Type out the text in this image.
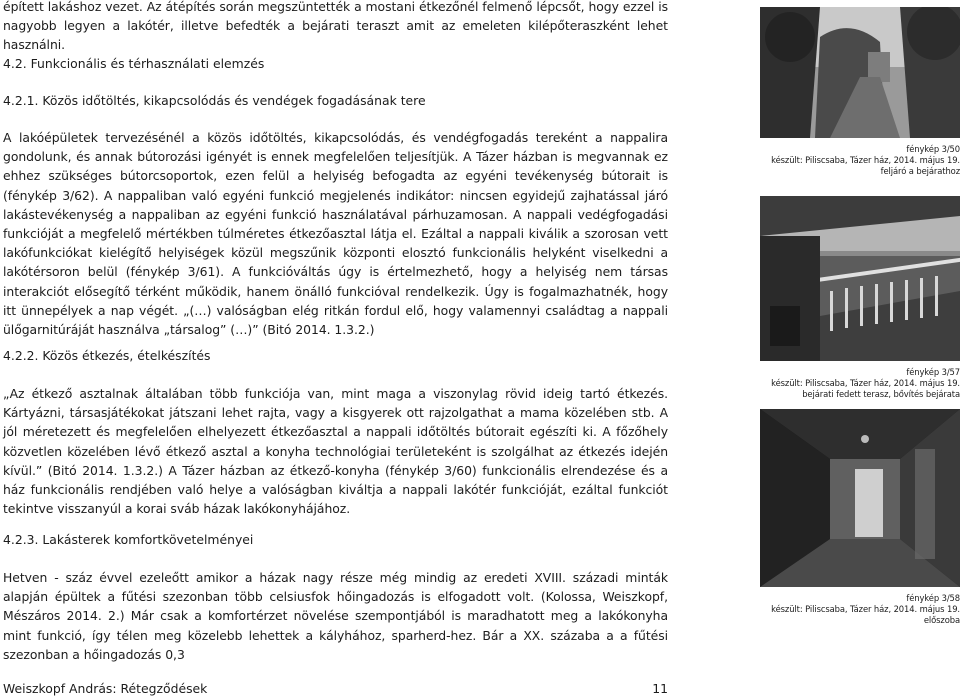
épített lakáshoz vezet. Az átépítés során megszüntették a mostani étkezőnél felmenő lépcsőt, hogy ezzel is nagyobb legyen a lakótér, illetve befedték a bejárati teraszt amit az emeleten kilépőteraszként lehet használni.

4.2. Funkcionális és térhasználati elemzés

4.2.1. Közös időtöltés, kikapcsolódás és vendégek fogadásának tere

A lakóépületek tervezésénél a közös időtöltés, kikapcsolódás, és vendégfogadás tereként a nappalira gondolunk, és annak bútorozási igényét is ennek megfelelően teljesítjük. A Tázer házban is megvannak ez ehhez szükséges bútorcsoportok, ezen felül a helyiség befogadta az egyéni tevékenység bútorait is (fénykép 3/62). A nappaliban való egyéni funkció megjelenés indikátor: nincsen egyidejű zajhatással járó lakástevékenység a nappaliban az egyéni funkció használatával párhuzamosan. A nappali vedégfogadási funkcióját a megfelelő mértékben túlméretes étkezőasztal látja el. Ezáltal a nappali kiválik a szorosan vett lakófunkciókat kielégítő helyiségek közül megszűnik központi elosztó funkcionális helyként viselkedni a lakótérsoron belül (fénykép 3/61). A funkcióváltás úgy is értelmezhető, hogy a helyiség nem társas interakciót elősegítő térként működik, hanem önálló funkcióval rendelkezik. Úgy is fogalmazhatnék, hogy itt ünnepélyek a nap végét. „(…) valóságban elég ritkán fordul elő, hogy valamennyi családtag a nappali ülőgarnitúráját használva „társalog” (…)” (Bitó 2014. 1.3.2.)

4.2.2. Közös étkezés, ételkészítés

„Az étkező asztalnak általában több funkciója van, mint maga a viszonylag rövid ideig tartó étkezés. Kártyázni, társasjátékokat játszani lehet rajta, vagy a kisgyerek ott rajzolgathat a mama közelében stb. A jól méretezett és megfelelően elhelyezett étkezőasztal a nappali időtöltés bútorait egészíti ki. A főzőhely közvetlen közelében lévő étkező asztal a konyha technológiai területeként is szolgálhat az étkezés idején kívül.” (Bitó 2014. 1.3.2.) A Tázer házban az étkező-konyha (fénykép 3/60) funkcionális elrendezése és a ház funkcionális rendjében való helye a valóságban kiváltja a nappali lakótér funkcióját, ezáltal funkciót tekintve visszanyúl a korai sváb házak lakókonyhájához.

4.2.3. Lakásterek komfortkövetelményei

Hetven - száz évvel ezeleőtt amikor a házak nagy része még mindig az eredeti XVIII. századi minták alapján épültek a fűtési szezonban több celsiusfok hőingadozás is elfogadott volt. (Kolossa, Weiszkopf, Mészáros 2014. 2.) Már csak a komfortérzet növelése szempontjából is maradhatott meg a lakókonyha mint funkció, így télen meg közelebb lehettek a kályhához, sparherd-hez. Bár a XX. százaba a a fűtési szezonban a hőingadozás 0,3

Weiszkopf András: Rétegződések	11
fénykép 3/50
készült: Piliscsaba, Tázer ház, 2014. május 19.
feljáró a bejárathoz
fénykép 3/57
készült: Piliscsaba, Tázer ház, 2014. május 19.
bejárati fedett terasz, bővítés bejárata
fénykép 3/58
készült: Piliscsaba, Tázer ház, 2014. május 19.
előszoba
